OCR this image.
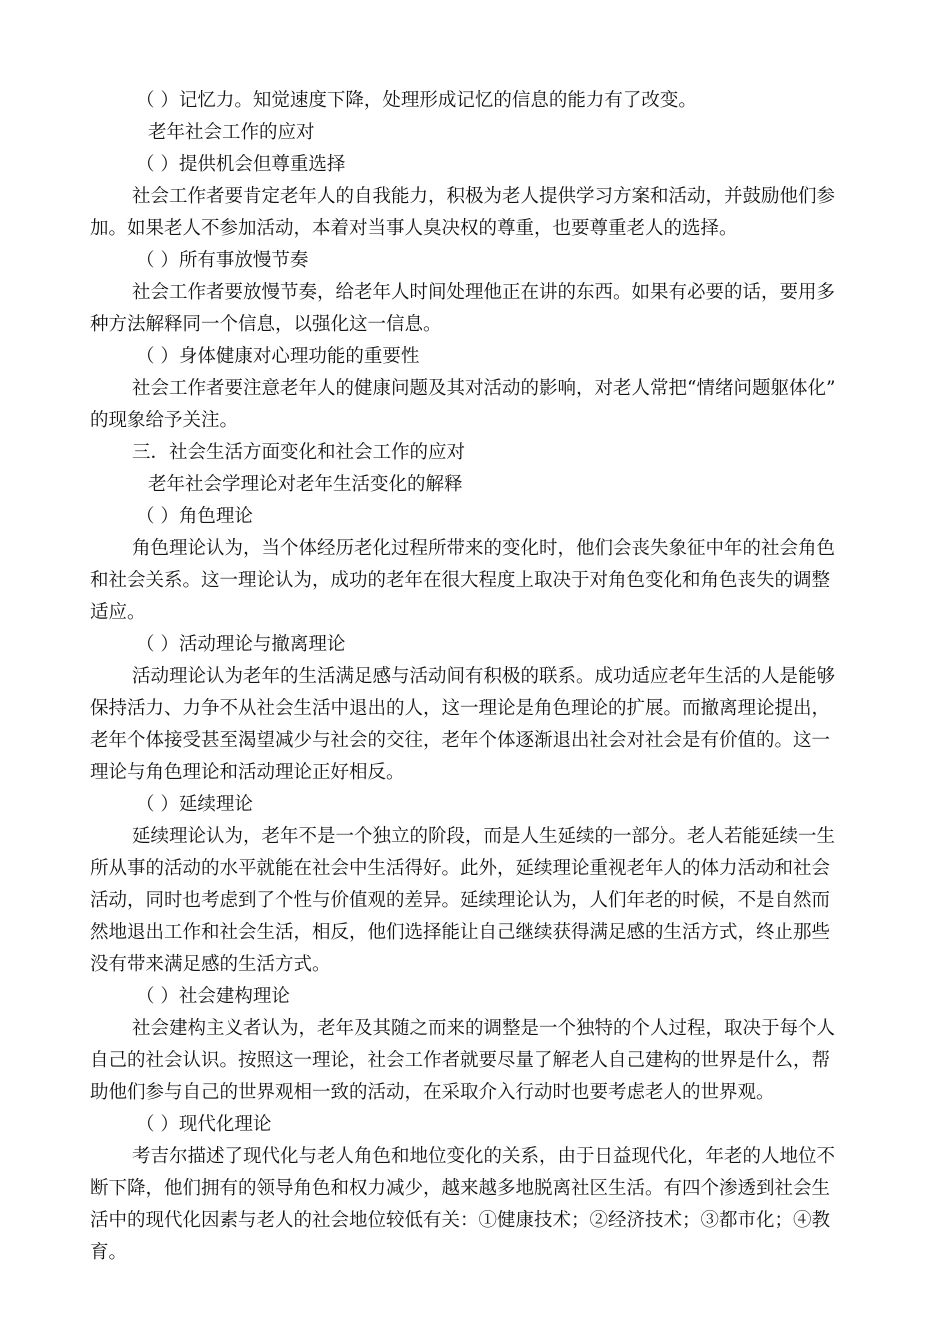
（ ）记忆力。知觉速度下降，处理形成记忆的信息的能力有了改变。
老年社会工作的应对
（ ）提供机会但尊重选择
社会工作者要肯定老年人的自我能力，积极为老人提供学习方案和活动，并鼓励他们参
加。如果老人不参加活动，本着对当事人臭决权的尊重，也要尊重老人的选择。
（ ）所有事放慢节奏
社会工作者要放慢节奏，给老年人时间处理他正在讲的东西。如果有必要的话，要用多
种方法解释同一个信息，以强化这一信息。
（ ）身体健康对心理功能的重要性
社会工作者要注意老年人的健康问题及其对活动的影响，对老人常把“情绪问题躯体化”
的现象给予关注。
三．社会生活方面变化和社会工作的应对
老年社会学理论对老年生活变化的解释
（ ）角色理论
角色理论认为，当个体经历老化过程所带来的变化时，他们会丧失象征中年的社会角色
和社会关系。这一理论认为，成功的老年在很大程度上取决于对角色变化和角色丧失的调整
适应。
（ ）活动理论与撤离理论
活动理论认为老年的生活满足感与活动间有积极的联系。成功适应老年生活的人是能够
保持活力、力争不从社会生活中退出的人，这一理论是角色理论的扩展。而撤离理论提出，
老年个体接受甚至渴望减少与社会的交往，老年个体逐渐退出社会对社会是有价值的。这一
理论与角色理论和活动理论正好相反。
（ ）延续理论
延续理论认为，老年不是一个独立的阶段，而是人生延续的一部分。老人若能延续一生
所从事的活动的水平就能在社会中生活得好。此外，延续理论重视老年人的体力活动和社会
活动，同时也考虑到了个性与价值观的差异。延续理论认为，人们年老的时候，不是自然而
然地退出工作和社会生活，相反，他们选择能让自己继续获得满足感的生活方式，终止那些
没有带来满足感的生活方式。
（ ）社会建构理论
社会建构主义者认为，老年及其随之而来的调整是一个独特的个人过程，取决于每个人
自己的社会认识。按照这一理论，社会工作者就要尽量了解老人自己建构的世界是什么，帮
助他们参与自己的世界观相一致的活动，在采取介入行动时也要考虑老人的世界观。
（ ）现代化理论
考吉尔描述了现代化与老人角色和地位变化的关系，由于日益现代化，年老的人地位不
断下降，他们拥有的领导角色和权力减少，越来越多地脱离社区生活。有四个渗透到社会生
活中的现代化因素与老人的社会地位较低有关：①健康技术；②经济技术；③都市化；④教
育。
